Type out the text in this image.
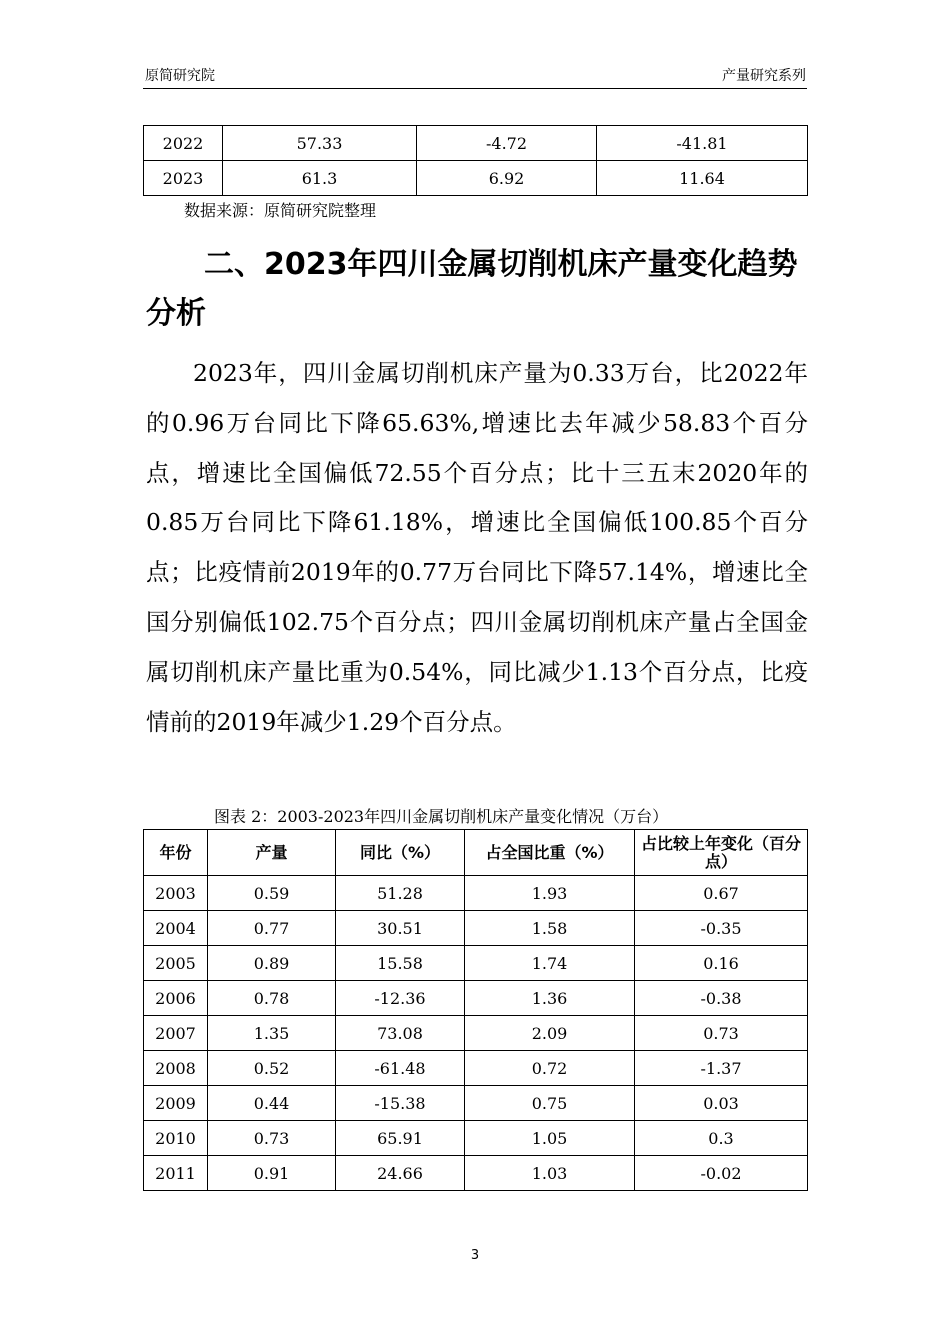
原简研究院	产量研究系列
2022	57.33	-4.72	-41.81
2023	61.3	6.92	11.64
数据来源：原简研究院整理

二、2023年四川金属切削机床产量变化趋势分析

2023年，四川金属切削机床产量为0.33万台，比2022年的0.96万台同比下降65.63%,增速比去年减少58.83个百分点，增速比全国偏低72.55个百分点；比十三五末2020年的0.85万台同比下降61.18%，增速比全国偏低100.85个百分点；比疫情前2019年的0.77万台同比下降57.14%，增速比全国分别偏低102.75个百分点；四川金属切削机床产量占全国金属切削机床产量比重为0.54%，同比减少1.13个百分点，比疫情前的2019年减少1.29个百分点。

图表 2：2003-2023年四川金属切削机床产量变化情况（万台）
年份	产量	同比（%）	占全国比重（%）	占比较上年变化（百分点）
2003	0.59	51.28	1.93	0.67
2004	0.77	30.51	1.58	-0.35
2005	0.89	15.58	1.74	0.16
2006	0.78	-12.36	1.36	-0.38
2007	1.35	73.08	2.09	0.73
2008	0.52	-61.48	0.72	-1.37
2009	0.44	-15.38	0.75	0.03
2010	0.73	65.91	1.05	0.3
2011	0.91	24.66	1.03	-0.02
3
